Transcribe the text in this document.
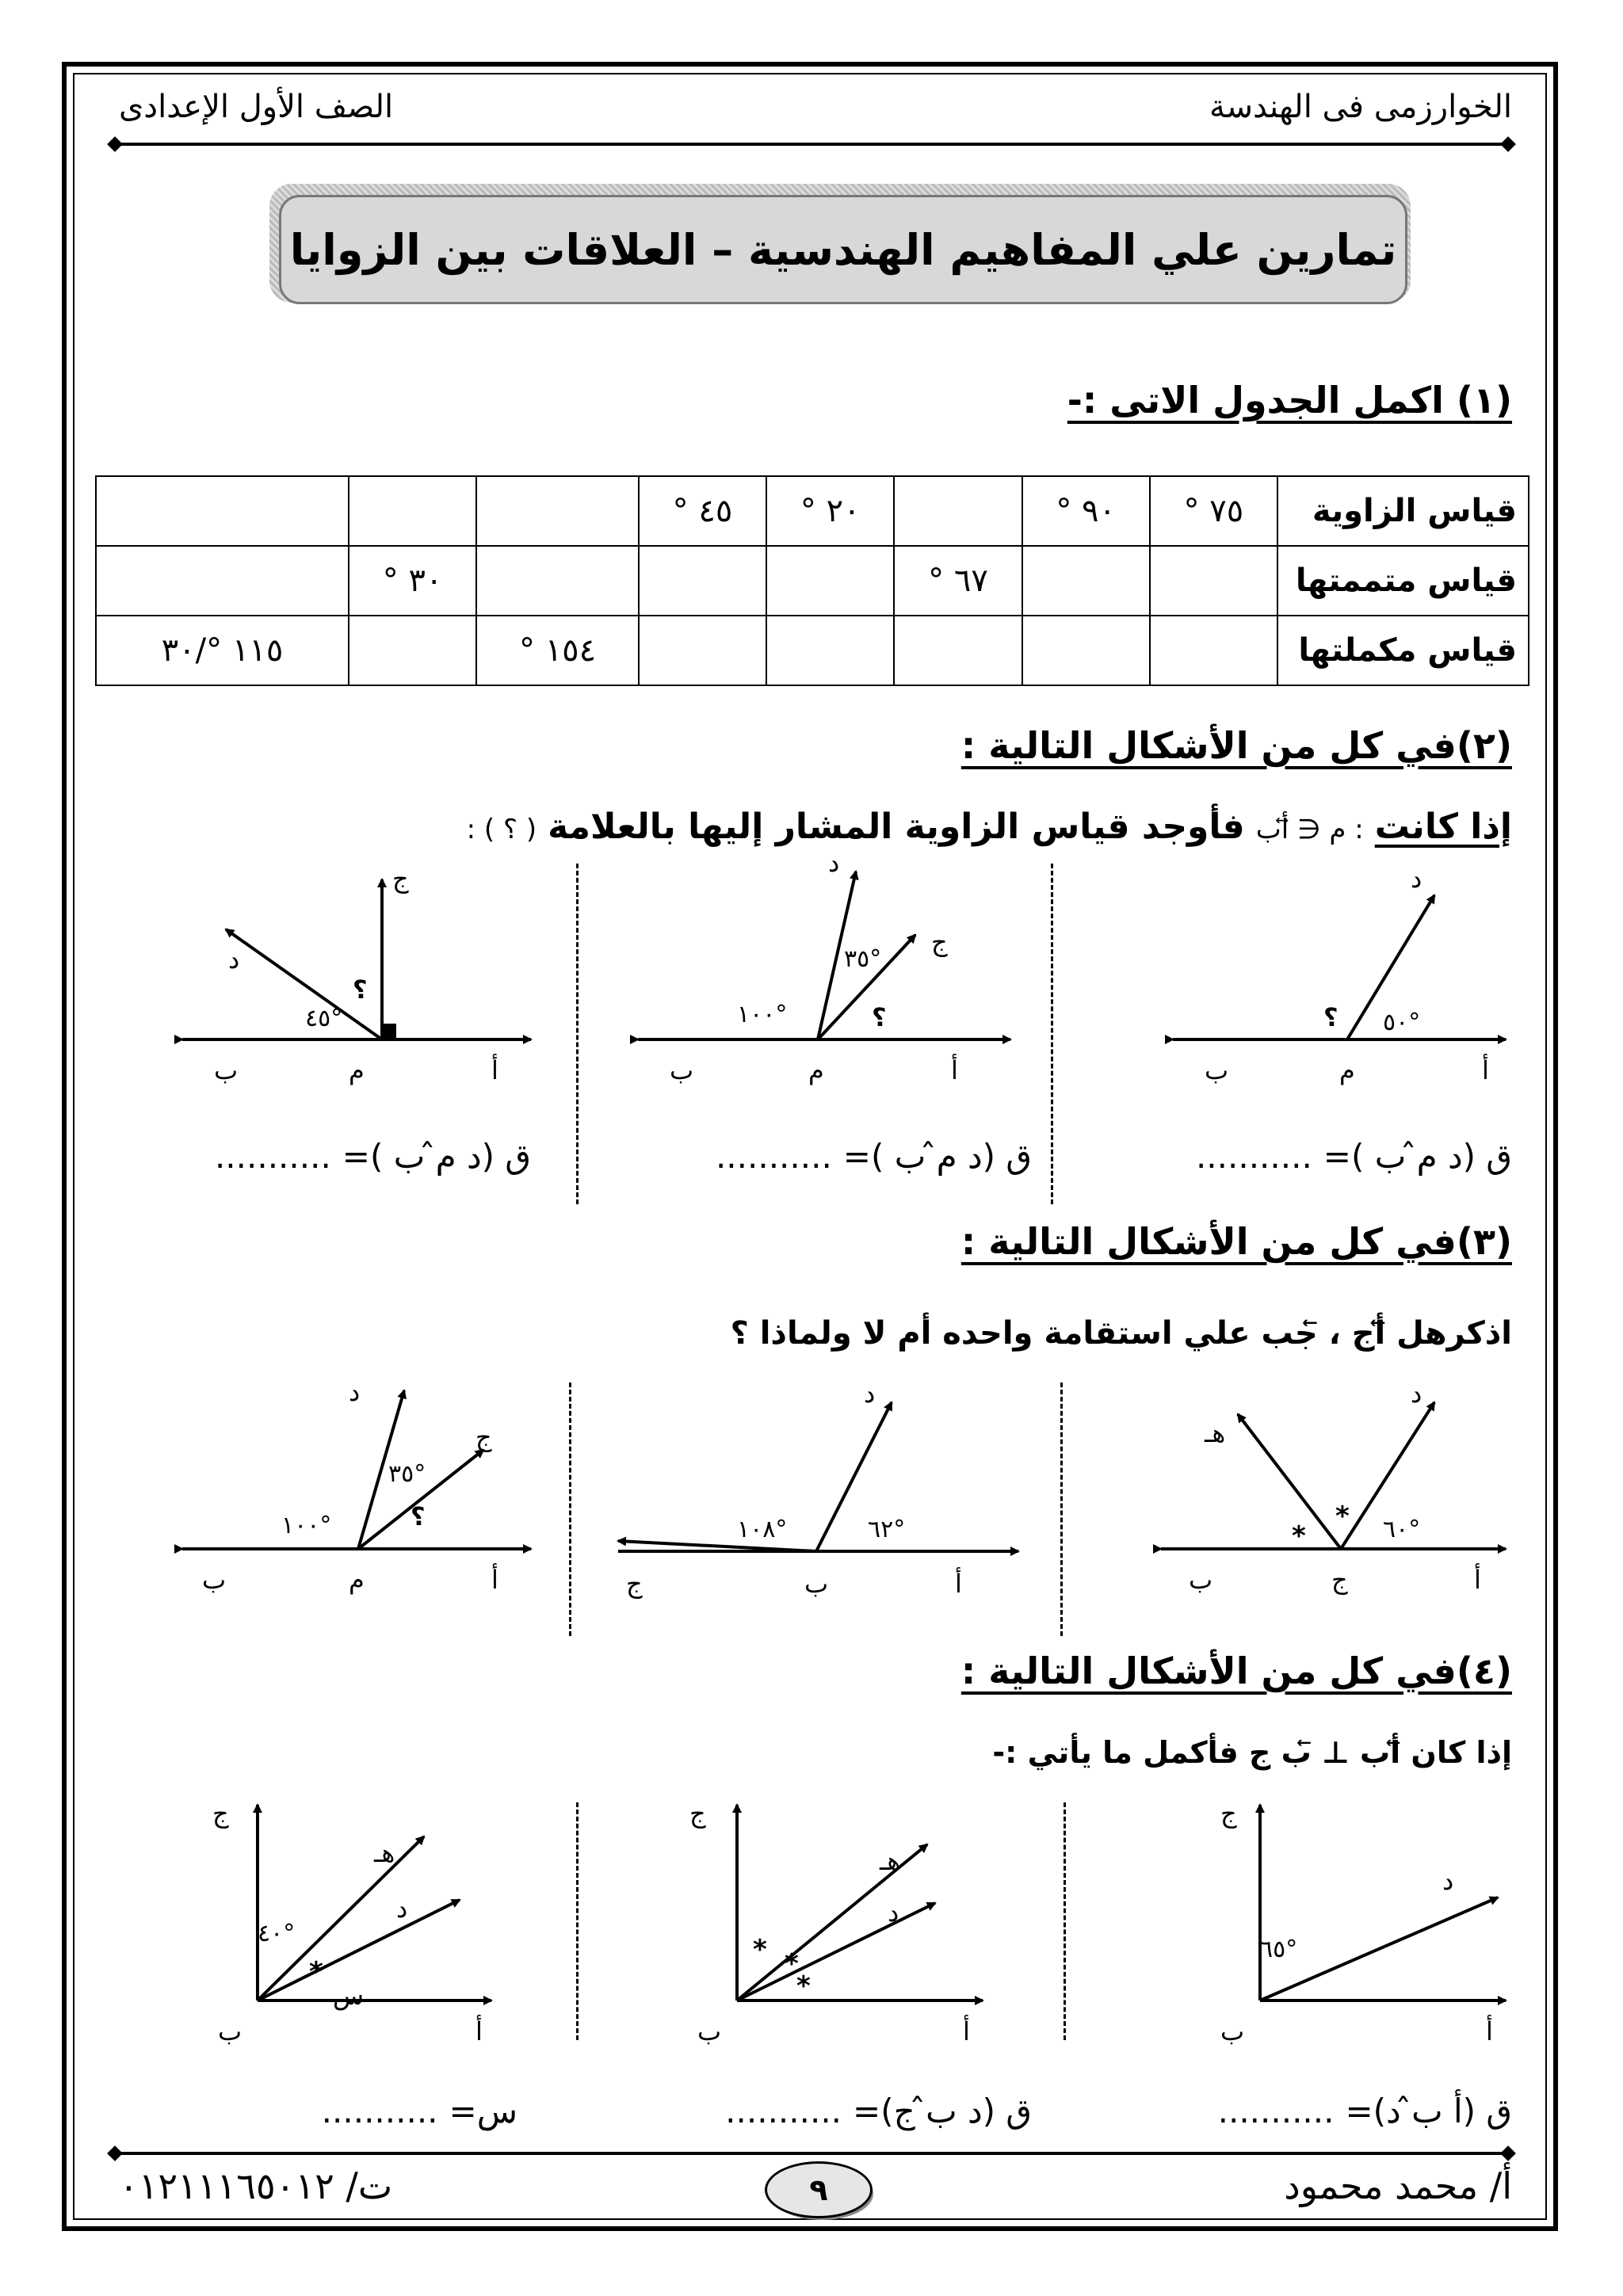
الخوارزمى فى الهندسة
الصف الأول الإعدادى
تمارين علي المفاهيم الهندسية – العلاقات بين الزوايا
(١) اكمل الجدول الاتى :-
قياس الزاوية	٧٥ °	٩٠ °		٢٠ °	٤٥ °			
قياس متممتها			٦٧ °				٣٠ °	
قياس مكملتها						١٥٤ °		١١٥ °/٣٠
(٢)في كل من الأشكال التالية :
إذا كانت
: م ∈ ⃖⃗أب
فأوجد قياس الزاوية المشار إليها بالعلامة
( ؟ ) :
ب	م	أ
د
٥٠°
؟
ب	م	أ
د
ج
١٠٠°
٣٥°
؟
ب	م	أ
د
ج
٤٥°
؟
ق (د م̂ ب )=
...........
ق (د م̂ ب )=
...........
ق (د م̂ ب )=
...........
(٣)في كل من الأشكال التالية :
اذكرهل ⃖أج ، ⃖جب علي استقامة واحده أم لا ولماذا ؟
ب	ج	أ
د
هـ
٦٠°
*
*
ج	ب	أ
د
١٠٨°	٦٢°
ب	م	أ
د
ج
١٠٠°
٣٥°
؟
(٤)في كل من الأشكال التالية :
إذا كان ⃖أب ⊥ ⃖ب ج فأكمل ما يأتي :-
ب	أ
ج
د
٦٥°
ب	أ
ج
هـ
د
* *
*
ب	أ
ج
هـ
د
٤٠°
*
س
ق (أ ب̂ د)=
...........
ق (د ب̂ ج)=
...........
س=
...........
أ/ محمد محمود
٩
ت/ ٠١٢١١١٦٥٠١٢
